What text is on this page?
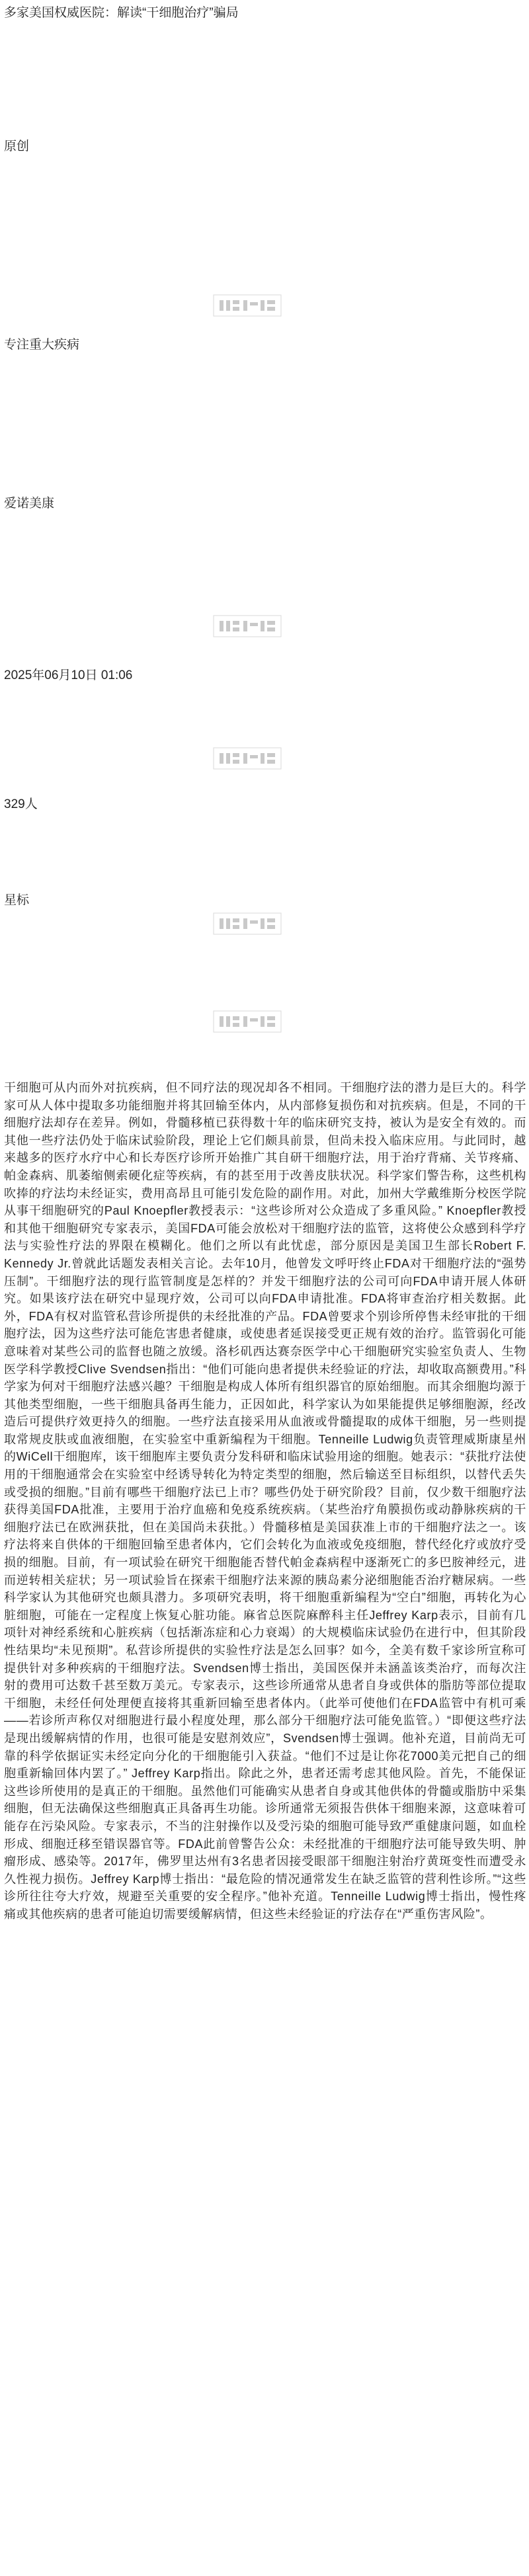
多家美国权威医院：解读“干细胞治疗”骗局

原创

专注重大疾病

爱诺美康

2025年06月10日 01:06

329人

星标

干细胞可从内而外对抗疾病，但不同疗法的现况却各不相同。干细胞疗法的潜力是巨大的。科学家可从人体中提取多功能细胞并将其回输至体内，从内部修复损伤和对抗疾病。但是，不同的干细胞疗法却存在差异。例如，骨髓移植已获得数十年的临床研究支持，被认为是安全有效的。而其他一些疗法仍处于临床试验阶段，理论上它们颇具前景，但尚未投入临床应用。与此同时，越来越多的医疗水疗中心和长寿医疗诊所开始推广其自研干细胞疗法，用于治疗背痛、关节疼痛、帕金森病、肌萎缩侧索硬化症等疾病，有的甚至用于改善皮肤状况。科学家们警告称，这些机构吹捧的疗法均未经证实，费用高昂且可能引发危险的副作用。对此，加州大学戴维斯分校医学院从事干细胞研究的Paul Knoepfler教授表示：“这些诊所对公众造成了多重风险。” Knoepfler教授和其他干细胞研究专家表示，美国FDA可能会放松对干细胞疗法的监管，这将使公众感到科学疗法与实验性疗法的界限在模糊化。他们之所以有此忧虑，部分原因是美国卫生部长Robert F. Kennedy Jr.曾就此话题发表相关言论。去年10月，他曾发文呼吁终止FDA对干细胞疗法的“强势压制”。干细胞疗法的现行监管制度是怎样的？并发干细胞疗法的公司可向FDA申请开展人体研究。如果该疗法在研究中显现疗效，公司可以向FDA申请批准。FDA将审查治疗相关数据。此外，FDA有权对监管私营诊所提供的未经批准的产品。FDA曾要求个别诊所停售未经审批的干细胞疗法，因为这些疗法可能危害患者健康，或使患者延误接受更正规有效的治疗。监管弱化可能意味着对某些公司的监督也随之放缓。洛杉矶西达赛奈医学中心干细胞研究实验室负责人、生物医学科学教授Clive Svendsen指出：“他们可能向患者提供未经验证的疗法，却收取高额费用。”科学家为何对干细胞疗法感兴趣？干细胞是构成人体所有组织器官的原始细胞。而其余细胞均源于其他类型细胞，一些干细胞具备再生能力，正因如此，科学家认为如果能提供足够细胞源，经改造后可提供疗效更持久的细胞。一些疗法直接采用从血液或骨髓提取的成体干细胞，另一些则提取常规皮肤或血液细胞，在实验室中重新编程为干细胞。Tenneille Ludwig负责管理威斯康星州的WiCell干细胞库，该干细胞库主要负责分发科研和临床试验用途的细胞。她表示：“获批疗法使用的干细胞通常会在实验室中经诱导转化为特定类型的细胞，然后输送至目标组织，以替代丢失或受损的细胞。”目前有哪些干细胞疗法已上市？哪些仍处于研究阶段？目前，仅少数干细胞疗法获得美国FDA批准，主要用于治疗血癌和免疫系统疾病。（某些治疗角膜损伤或动静脉疾病的干细胞疗法已在欧洲获批，但在美国尚未获批。）骨髓移植是美国获准上市的干细胞疗法之一。该疗法将来自供体的干细胞回输至患者体内，它们会转化为血液或免疫细胞，替代经化疗或放疗受损的细胞。目前，有一项试验在研究干细胞能否替代帕金森病程中逐渐死亡的多巴胺神经元，进而逆转相关症状；另一项试验旨在探索干细胞疗法来源的胰岛素分泌细胞能否治疗糖尿病。一些科学家认为其他研究也颇具潜力。多项研究表明，将干细胞重新编程为“空白”细胞，再转化为心脏细胞，可能在一定程度上恢复心脏功能。麻省总医院麻醉科主任Jeffrey Karp表示，目前有几项针对神经系统和心脏疾病（包括渐冻症和心力衰竭）的大规模临床试验仍在进行中，但其阶段性结果均“未见预期”。私营诊所提供的实验性疗法是怎么回事？如今，全美有数千家诊所宣称可提供针对多种疾病的干细胞疗法。Svendsen博士指出，美国医保并未涵盖该类治疗，而每次注射的费用可达数千甚至数万美元。专家表示，这些诊所通常从患者自身或供体的脂肪等部位提取干细胞，未经任何处理便直接将其重新回输至患者体内。（此举可使他们在FDA监管中有机可乘——若诊所声称仅对细胞进行最小程度处理，那么部分干细胞疗法可能免监管。）“即便这些疗法是现出缓解病情的作用，也很可能是安慰剂效应”，Svendsen博士强调。他补充道，目前尚无可靠的科学依据证实未经定向分化的干细胞能引入获益。“他们不过是让你花7000美元把自己的细胞重新输回体内罢了。” Jeffrey Karp指出。除此之外，患者还需考虑其他风险。首先，不能保证这些诊所使用的是真正的干细胞。虽然他们可能确实从患者自身或其他供体的骨髓或脂肪中采集细胞，但无法确保这些细胞真正具备再生功能。诊所通常无须报告供体干细胞来源，这意味着可能存在污染风险。专家表示，不当的注射操作以及受污染的细胞可能导致严重健康问题，如血栓形成、细胞迁移至错误器官等。FDA此前曾警告公众：未经批准的干细胞疗法可能导致失明、肿瘤形成、感染等。2017年，佛罗里达州有3名患者因接受眼部干细胞注射治疗黄斑变性而遭受永久性视力损伤。Jeffrey Karp博士指出：“最危险的情况通常发生在缺乏监管的营利性诊所。”“这些诊所往往夸大疗效，规避至关重要的安全程序。”他补充道。Tenneille Ludwig博士指出，慢性疼痛或其他疾病的患者可能迫切需要缓解病情，但这些未经验证的疗法存在“严重伤害风险”。
